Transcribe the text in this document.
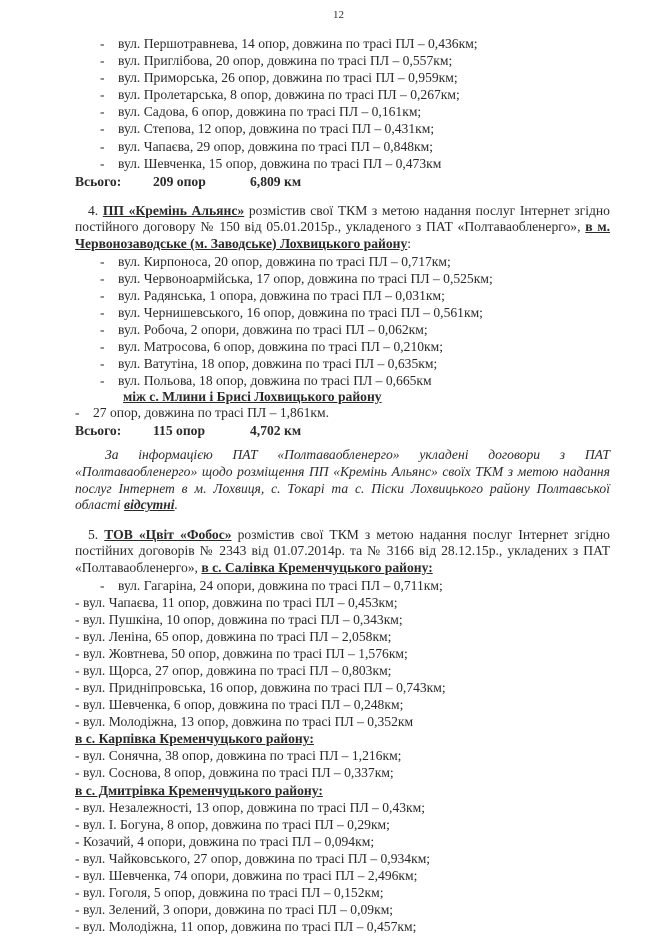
12
- вул. Першотравнева, 14 опор, довжина по трасі ПЛ – 0,436км;
- вул. Приглібова, 20 опор, довжина по трасі ПЛ – 0,557км;
- вул. Приморська, 26 опор, довжина по трасі ПЛ – 0,959км;
- вул. Пролетарська, 8 опор, довжина по трасі ПЛ – 0,267км;
- вул. Садова, 6 опор, довжина по трасі ПЛ – 0,161км;
- вул. Степова, 12 опор, довжина по трасі ПЛ – 0,431км;
- вул. Чапаєва, 29 опор, довжина по трасі ПЛ – 0,848км;
- вул. Шевченка, 15 опор, довжина по трасі ПЛ – 0,473км
Всього: 209 опор	6,809 км
4. ПП «Кремінь Альянс» розмістив свої ТКМ з метою надання послуг Інтернет згідно постійного договору № 150 від 05.01.2015р., укладеного з ПАТ «Полтаваобленерго», в м. Червонозаводське (м. Заводське) Лохвицького району:
- вул. Кирпоноса, 20 опор, довжина по трасі ПЛ – 0,717км;
- вул. Червоноармійська, 17 опор, довжина по трасі ПЛ – 0,525км;
- вул. Радянська, 1 опора, довжина по трасі ПЛ – 0,031км;
- вул. Чернишевського, 16 опор, довжина по трасі ПЛ – 0,561км;
- вул. Робоча, 2 опори, довжина по трасі ПЛ – 0,062км;
- вул. Матросова, 6 опор, довжина по трасі ПЛ – 0,210км;
- вул. Ватутіна, 18 опор, довжина по трасі ПЛ – 0,635км;
- вул. Польова, 18 опор, довжина по трасі ПЛ – 0,665км
між с. Млини і Брисі Лохвицького району
- 27 опор, довжина по трасі ПЛ – 1,861км.
Всього: 115 опор	4,702 км
За інформацією ПАТ «Полтаваобленерго» укладені договори з ПАТ «Полтаваобленерго» щодо розміщення ПП «Кремінь Альянс» своїх ТКМ з метою надання послуг Інтернет в м. Лохвиця, с. Токарі та с. Піски Лохвицького району Полтавської області відсутні.
5. ТОВ «Цвіт «Фобос» розмістив свої ТКМ з метою надання послуг Інтернет згідно постійних договорів № 2343 від 01.07.2014р. та № 3166 від 28.12.15р., укладених з ПАТ «Полтаваобленерго», в с. Салівка Кременчуцького району:
- вул. Гагаріна, 24 опори, довжина по трасі ПЛ – 0,711км;
- вул. Чапаєва, 11 опор, довжина по трасі ПЛ – 0,453км;
- вул. Пушкіна, 10 опор, довжина по трасі ПЛ – 0,343км;
- вул. Леніна, 65 опор, довжина по трасі ПЛ – 2,058км;
- вул. Жовтнева, 50 опор, довжина по трасі ПЛ – 1,576км;
- вул. Щорса, 27 опор, довжина по трасі ПЛ – 0,803км;
- вул. Придніпровська, 16 опор, довжина по трасі ПЛ – 0,743км;
- вул. Шевченка, 6 опор, довжина по трасі ПЛ – 0,248км;
- вул. Молодіжна, 13 опор, довжина по трасі ПЛ – 0,352км
в с. Карпівка Кременчуцького району:
- вул. Сонячна, 38 опор, довжина по трасі ПЛ – 1,216км;
- вул. Соснова, 8 опор, довжина по трасі ПЛ – 0,337км;
в с. Дмитрівка Кременчуцького району:
- вул. Незалежності, 13 опор, довжина по трасі ПЛ – 0,43км;
- вул. І. Богуна, 8 опор, довжина по трасі ПЛ – 0,29км;
- Козачий, 4 опори, довжина по трасі ПЛ – 0,094км;
- вул. Чайковського, 27 опор, довжина по трасі ПЛ – 0,934км;
- вул. Шевченка, 74 опори, довжина по трасі ПЛ – 2,496км;
- вул. Гоголя, 5 опор, довжина по трасі ПЛ – 0,152км;
- вул. Зелений, 3 опори, довжина по трасі ПЛ – 0,09км;
- вул. Молодіжна, 11 опор, довжина по трасі ПЛ – 0,457км;
